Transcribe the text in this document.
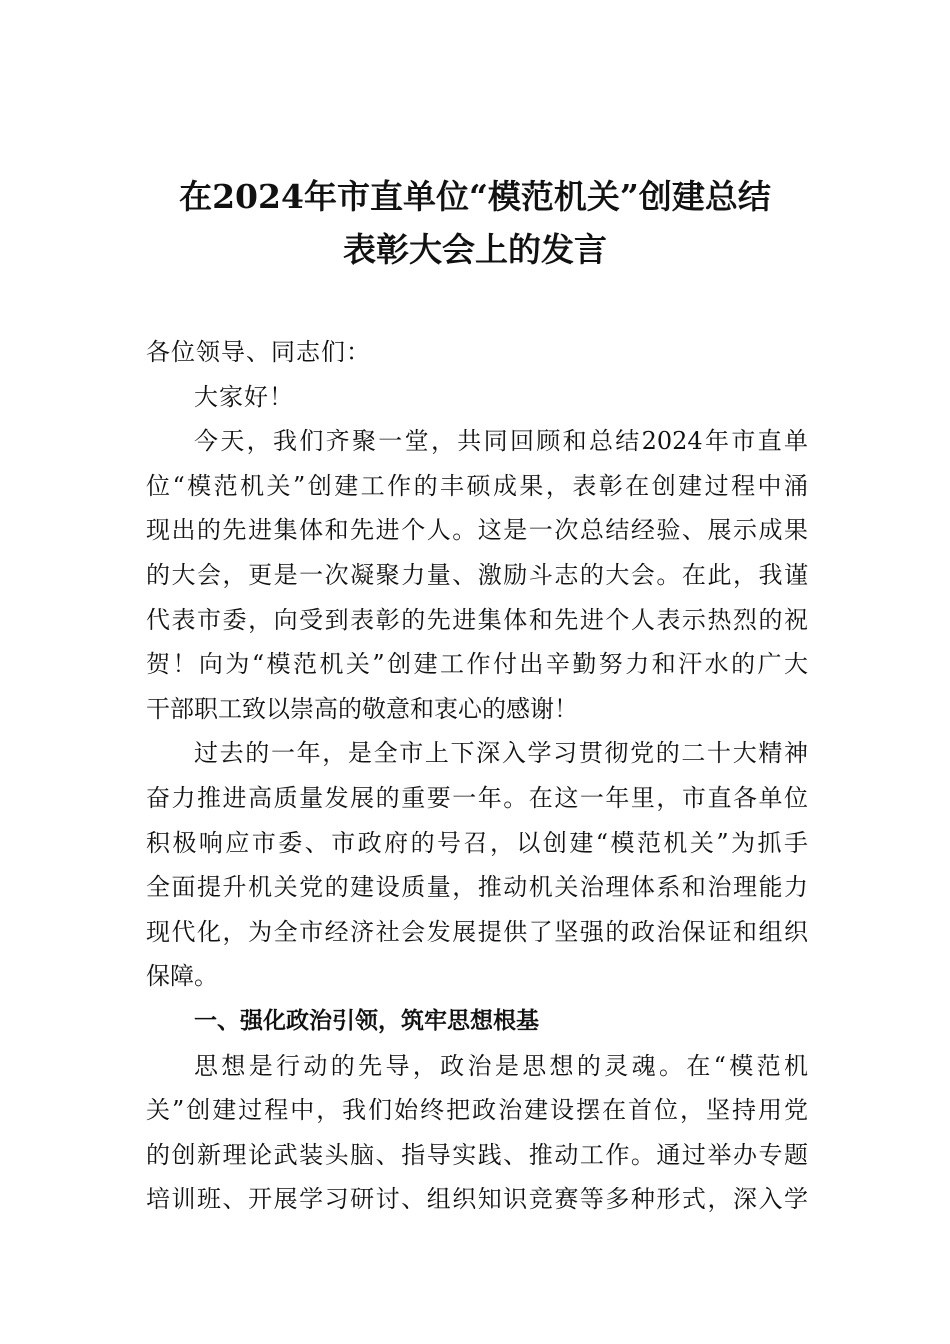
在2024年市直单位“模范机关”创建总结
表彰大会上的发言
各位领导、同志们：
大家好！
今天，我们齐聚一堂，共同回顾和总结2024年市直单
位“模范机关”创建工作的丰硕成果，表彰在创建过程中涌
现出的先进集体和先进个人。这是一次总结经验、展示成果
的大会，更是一次凝聚力量、激励斗志的大会。在此，我谨
代表市委，向受到表彰的先进集体和先进个人表示热烈的祝
贺！向为“模范机关”创建工作付出辛勤努力和汗水的广大
干部职工致以崇高的敬意和衷心的感谢！
过去的一年，是全市上下深入学习贯彻党的二十大精神
奋力推进高质量发展的重要一年。在这一年里，市直各单位
积极响应市委、市政府的号召，以创建“模范机关”为抓手
全面提升机关党的建设质量，推动机关治理体系和治理能力
现代化，为全市经济社会发展提供了坚强的政治保证和组织
保障。
一、强化政治引领，筑牢思想根基
思想是行动的先导，政治是思想的灵魂。在“模范机
关”创建过程中，我们始终把政治建设摆在首位，坚持用党
的创新理论武装头脑、指导实践、推动工作。通过举办专题
培训班、开展学习研讨、组织知识竞赛等多种形式，深入学
